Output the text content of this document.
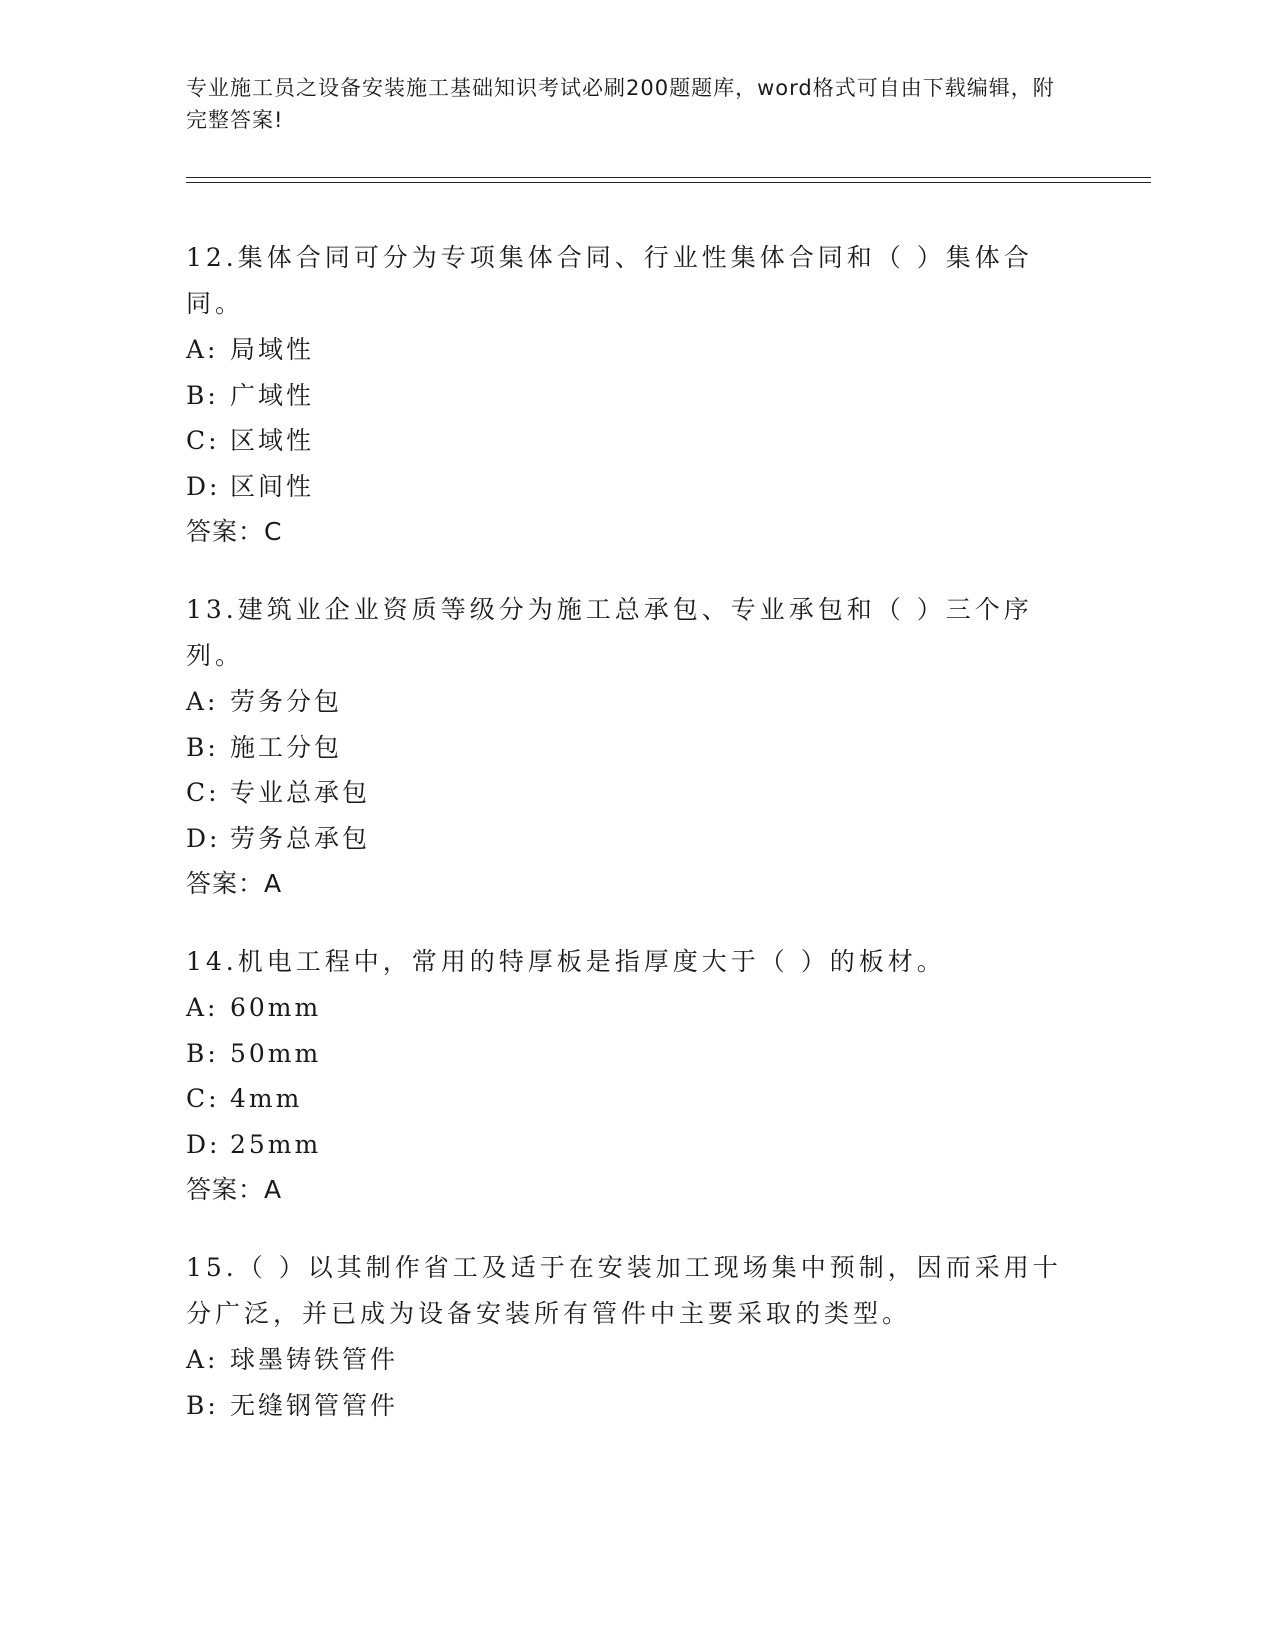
专业施工员之设备安装施工基础知识考试必刷200题题库，word格式可自由下载编辑，附完整答案!

12.集体合同可分为专项集体合同、行业性集体合同和（ ）集体合同。

A: 局域性

B: 广域性

C: 区域性

D: 区间性

答案：C

13.建筑业企业资质等级分为施工总承包、专业承包和（ ）三个序列。

A: 劳务分包

B: 施工分包

C: 专业总承包

D: 劳务总承包

答案：A

14.机电工程中，常用的特厚板是指厚度大于（ ）的板材。

A: 60mm

B: 50mm

C: 4mm

D: 25mm

答案：A

15.（ ）以其制作省工及适于在安装加工现场集中预制，因而采用十分广泛，并已成为设备安装所有管件中主要采取的类型。

A: 球墨铸铁管件

B: 无缝钢管管件
